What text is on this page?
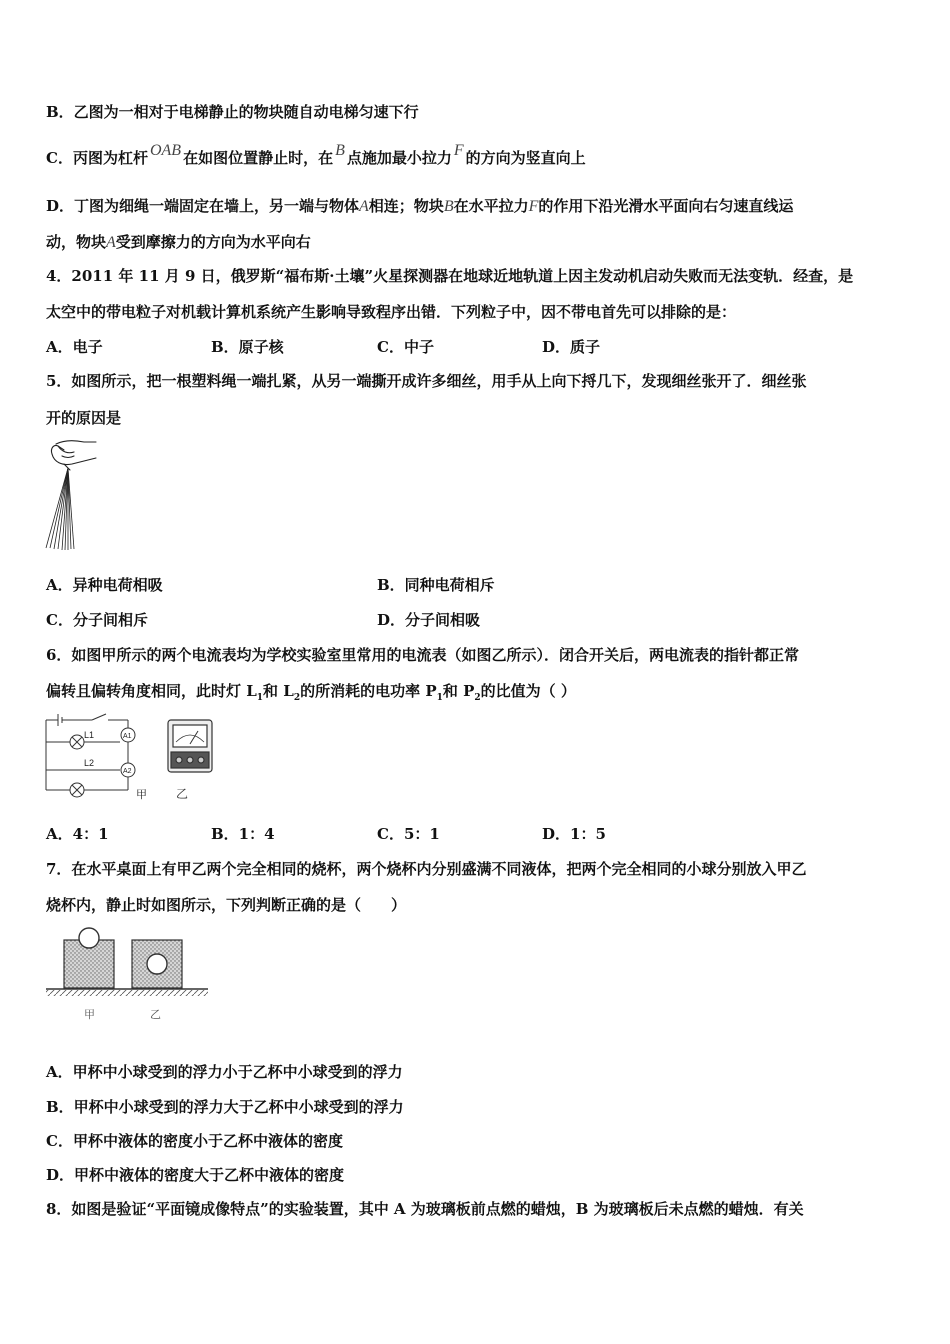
B．乙图为一相对于电梯静止的物块随自动电梯匀速下行
C．丙图为杠杆 OAB 在如图位置静止时，在 B 点施加最小拉力 F 的方向为竖直向上
D．丁图为细绳一端固定在墙上，另一端与物体A相连；物块B在水平拉力F的作用下沿光滑水平面向右匀速直线运
动，物块A受到摩擦力的方向为水平向右
4．2011 年 11 月 9 日，俄罗斯“福布斯·土壤”火星探测器在地球近地轨道上因主发动机启动失败而无法变轨．经查，是
太空中的带电粒子对机载计算机系统产生影响导致程序出错．下列粒子中，因不带电首先可以排除的是：
A．电子	B．原子核	C．中子	D．质子
5．如图所示，把一根塑料绳一端扎紧，从另一端撕开成许多细丝，用手从上向下捋几下，发现细丝张开了．细丝张
开的原因是
A．异种电荷相吸	B．同种电荷相斥
C．分子间相斥	D．分子间相吸
6．如图甲所示的两个电流表均为学校实验室里常用的电流表（如图乙所示）．闭合开关后，两电流表的指针都正常
偏转且偏转角度相同，此时灯 $L_1$和 $L_2$的所消耗的电功率 $P_1$和 $P_2$的比值为（ ）
L1
L2
A1
A2
甲 乙
A．4：1	B．1：4	C．5：1	D．1：5
7．在水平桌面上有甲乙两个完全相同的烧杯，两个烧杯内分别盛满不同液体，把两个完全相同的小球分别放入甲乙
烧杯内，静止时如图所示，下列判断正确的是（　　）
甲	乙
A．甲杯中小球受到的浮力小于乙杯中小球受到的浮力
B．甲杯中小球受到的浮力大于乙杯中小球受到的浮力
C．甲杯中液体的密度小于乙杯中液体的密度
D．甲杯中液体的密度大于乙杯中液体的密度
8．如图是验证“平面镜成像特点”的实验装置，其中 A 为玻璃板前点燃的蜡烛，B 为玻璃板后未点燃的蜡烛．有关
